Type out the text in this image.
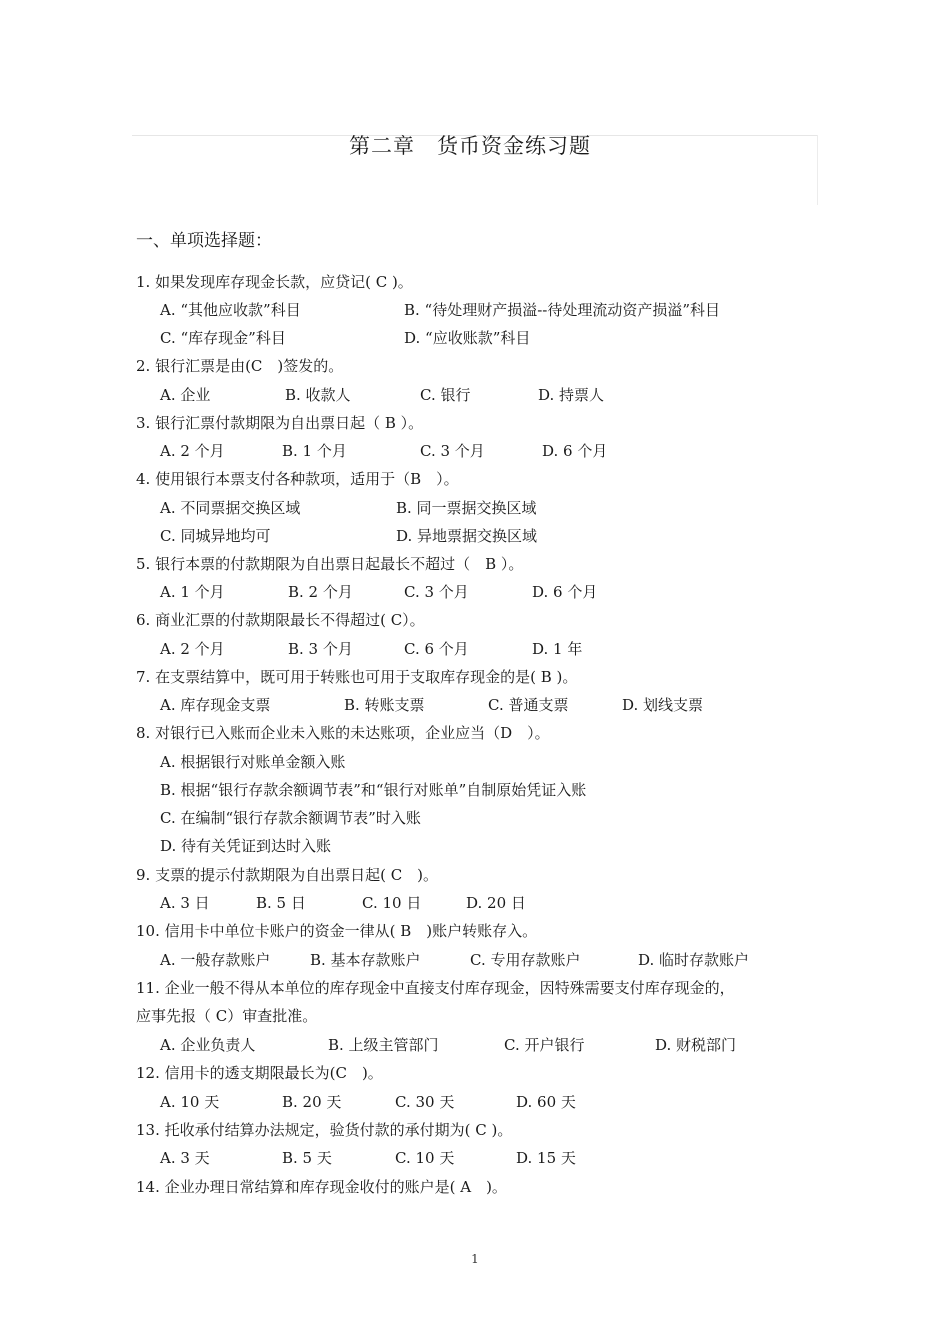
第二章　货币资金练习题
一、单项选择题：
1. 如果发现库存现金长款，应贷记( C )。
A. “其他应收款”科目	B. “待处理财产损溢--待处理流动资产损溢”科目
C. “库存现金”科目	D. “应收账款”科目
2. 银行汇票是由(C　)签发的。
A. 企业	B. 收款人	C. 银行	D. 持票人
3. 银行汇票付款期限为自出票日起（ B ）。
A. 2 个月	B. 1 个月	C. 3 个月	D. 6 个月
4. 使用银行本票支付各种款项，适用于（B　）。
A. 不同票据交换区域	B. 同一票据交换区域
C. 同城异地均可	D. 异地票据交换区域
5. 银行本票的付款期限为自出票日起最长不超过（　B ）。
A. 1 个月	B. 2 个月	C. 3 个月	D. 6 个月
6. 商业汇票的付款期限最长不得超过( C）。
A. 2 个月	B. 3 个月	C. 6 个月	D. 1 年
7. 在支票结算中，既可用于转账也可用于支取库存现金的是( B )。
A. 库存现金支票	B. 转账支票	C. 普通支票	D. 划线支票
8. 对银行已入账而企业未入账的未达账项，企业应当（D　）。
A. 根据银行对账单金额入账
B. 根据“银行存款余额调节表”和“银行对账单”自制原始凭证入账
C. 在编制“银行存款余额调节表”时入账
D. 待有关凭证到达时入账
9. 支票的提示付款期限为自出票日起( C　)。
A. 3 日	B. 5 日	C. 10 日	D. 20 日
10. 信用卡中单位卡账户的资金一律从( B　)账户转账存入。
A. 一般存款账户	B. 基本存款账户	C. 专用存款账户	D. 临时存款账户
11. 企业一般不得从本单位的库存现金中直接支付库存现金，因特殊需要支付库存现金的，
应事先报（ C）审查批准。
A. 企业负责人	B. 上级主管部门	C. 开户银行	D. 财税部门
12. 信用卡的透支期限最长为(C　)。
A. 10 天	B. 20 天	C. 30 天	D. 60 天
13. 托收承付结算办法规定，验货付款的承付期为( C )。
A. 3 天	B. 5 天	C. 10 天	D. 15 天
14. 企业办理日常结算和库存现金收付的账户是( A　)。
1
